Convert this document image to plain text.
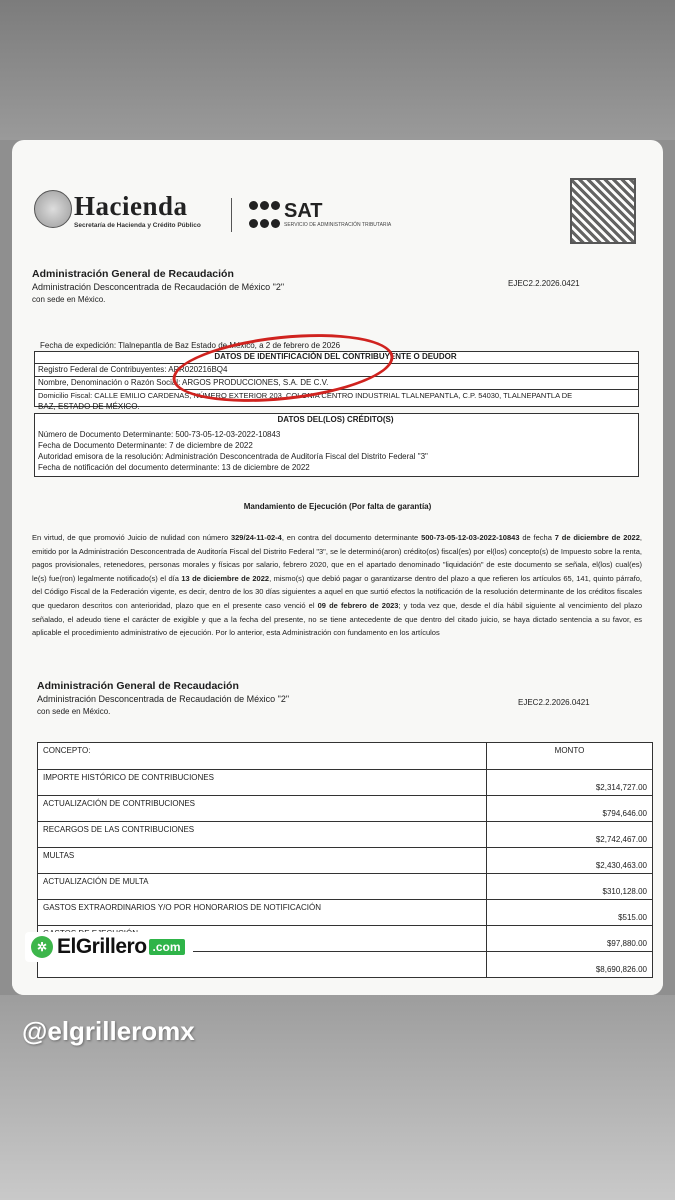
Hacienda
Secretaría de Hacienda y Crédito Público

SAT
SERVICIO DE ADMINISTRACIÓN TRIBUTARIA
Administración General de Recaudación
Administración Desconcentrada de Recaudación de México "2"
con sede en México.
EJEC2.2.2026.0421
Fecha de expedición: Tlalnepantla de Baz Estado de México, a 2 de febrero de 2026
DATOS DE IDENTIFICACIÓN DEL CONTRIBUYENTE O DEUDOR
Registro Federal de Contribuyentes: APR020216BQ4
Nombre, Denominación o Razón Social: ARGOS PRODUCCIONES, S.A. DE C.V.
Domicilio Fiscal: CALLE EMILIO CARDENAS, NÚMERO EXTERIOR 203, COLONIA CENTRO INDUSTRIAL TLALNEPANTLA, C.P. 54030, TLALNEPANTLA DE
BAZ, ESTADO DE MÉXICO.
DATOS DEL(LOS) CRÉDITO(S)
Número de Documento Determinante: 500-73-05-12-03-2022-10843
Fecha de Documento Determinante: 7 de diciembre de 2022
Autoridad emisora de la resolución: Administración Desconcentrada de Auditoría Fiscal del Distrito Federal "3"
Fecha de notificación del documento determinante: 13 de diciembre de 2022
Mandamiento de Ejecución (Por falta de garantía)
En virtud, de que promovió Juicio de nulidad con número 329/24-11-02-4, en contra del documento determinante 500-73-05-12-03-2022-10843 de fecha 7 de diciembre de 2022, emitido por la Administración Desconcentrada de Auditoría Fiscal del Distrito Federal "3", se le determinó(aron) crédito(os) fiscal(es) por el(los) concepto(s) de Impuesto sobre la renta, pagos provisionales, retenedores, personas morales y físicas por salario, febrero 2020, que en el apartado denominado "liquidación" de este documento se señala, el(los) cual(es) le(s) fue(ron) legalmente notificado(s) el día 13 de diciembre de 2022, mismo(s) que debió pagar o garantizarse dentro del plazo a que refieren los artículos 65, 141, quinto párrafo, del Código Fiscal de la Federación vigente, es decir, dentro de los 30 días siguientes a aquel en que surtió efectos la notificación de la resolución determinante de los créditos fiscales que quedaron descritos con anterioridad, plazo que en el presente caso venció el 09 de febrero de 2023; y toda vez que, desde el día hábil siguiente al vencimiento del plazo señalado, el adeudo tiene el carácter de exigible y que a la fecha del presente, no se tiene antecedente de que dentro del citado juicio, se haya dictado sentencia a su favor, es aplicable el procedimiento administrativo de ejecución. Por lo anterior, esta Administración con fundamento en los artículos
Administración General de Recaudación
Administración Desconcentrada de Recaudación de México "2"
con sede en México.
EJEC2.2.2026.0421
CONCEPTO:	MONTO
IMPORTE HISTÓRICO DE CONTRIBUCIONES	$2,314,727.00
ACTUALIZACIÓN DE CONTRIBUCIONES	$794,646.00
RECARGOS DE LAS CONTRIBUCIONES	$2,742,467.00
MULTAS	$2,430,463.00
ACTUALIZACIÓN DE MULTA	$310,128.00
GASTOS EXTRAORDINARIOS Y/O POR HONORARIOS DE NOTIFICACIÓN	$515.00
	$97,880.00
	$8,690,826.00
✲ ElGrillero .com
@elgrilleromx
